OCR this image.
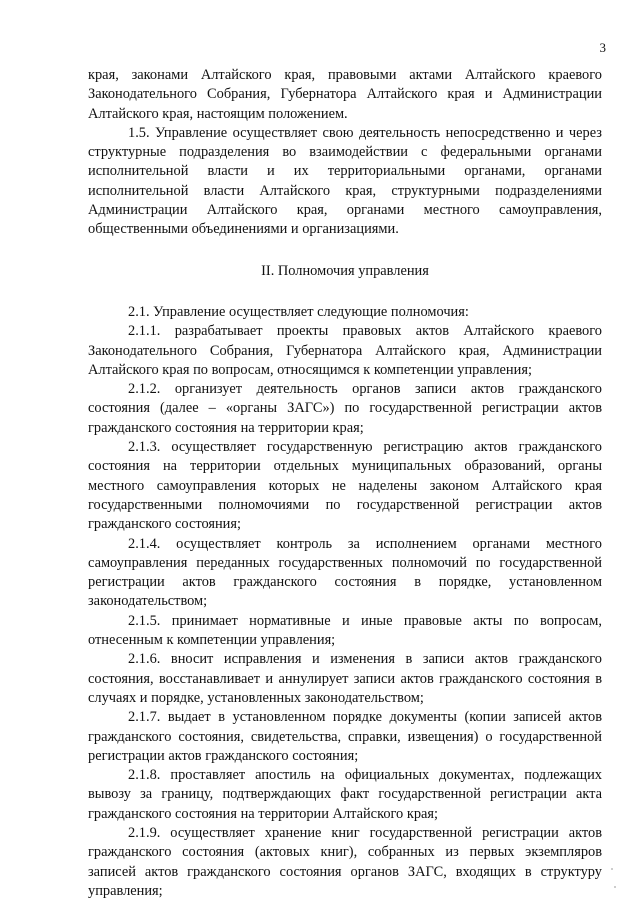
3

края, законами Алтайского края, правовыми актами Алтайского краевого Законодательного Собрания, Губернатора Алтайского края и Администрации Алтайского края, настоящим положением.

1.5. Управление осуществляет свою деятельность непосредственно и через структурные подразделения во взаимодействии с федеральными органами исполнительной власти и их территориальными органами, органами исполнительной власти Алтайского края, структурными подразделениями Администрации Алтайского края, органами местного самоуправления, общественными объединениями и организациями.

II. Полномочия управления

2.1. Управление осуществляет следующие полномочия:

2.1.1. разрабатывает проекты правовых актов Алтайского краевого Законодательного Собрания, Губернатора Алтайского края, Администрации Алтайского края по вопросам, относящимся к компетенции управления;

2.1.2. организует деятельность органов записи актов гражданского состояния (далее – «органы ЗАГС») по государственной регистрации актов гражданского состояния на территории края;

2.1.3. осуществляет государственную регистрацию актов гражданского состояния на территории отдельных муниципальных образований, органы местного самоуправления которых не наделены законом Алтайского края государственными полномочиями по государственной регистрации актов гражданского состояния;

2.1.4. осуществляет контроль за исполнением органами местного самоуправления переданных государственных полномочий по государственной регистрации актов гражданского состояния в порядке, установленном законодательством;

2.1.5. принимает нормативные и иные правовые акты по вопросам, отнесенным к компетенции управления;

2.1.6. вносит исправления и изменения в записи актов гражданского состояния, восстанавливает и аннулирует записи актов гражданского состояния в случаях и порядке, установленных законодательством;

2.1.7. выдает в установленном порядке документы (копии записей актов гражданского состояния, свидетельства, справки, извещения) о государственной регистрации актов гражданского состояния;

2.1.8. проставляет апостиль на официальных документах, подлежащих вывозу за границу, подтверждающих факт государственной регистрации акта гражданского состояния на территории Алтайского края;

2.1.9. осуществляет хранение книг государственной регистрации актов гражданского состояния (актовых книг), собранных из первых экземпляров записей актов гражданского состояния органов ЗАГС, входящих в структуру управления;
